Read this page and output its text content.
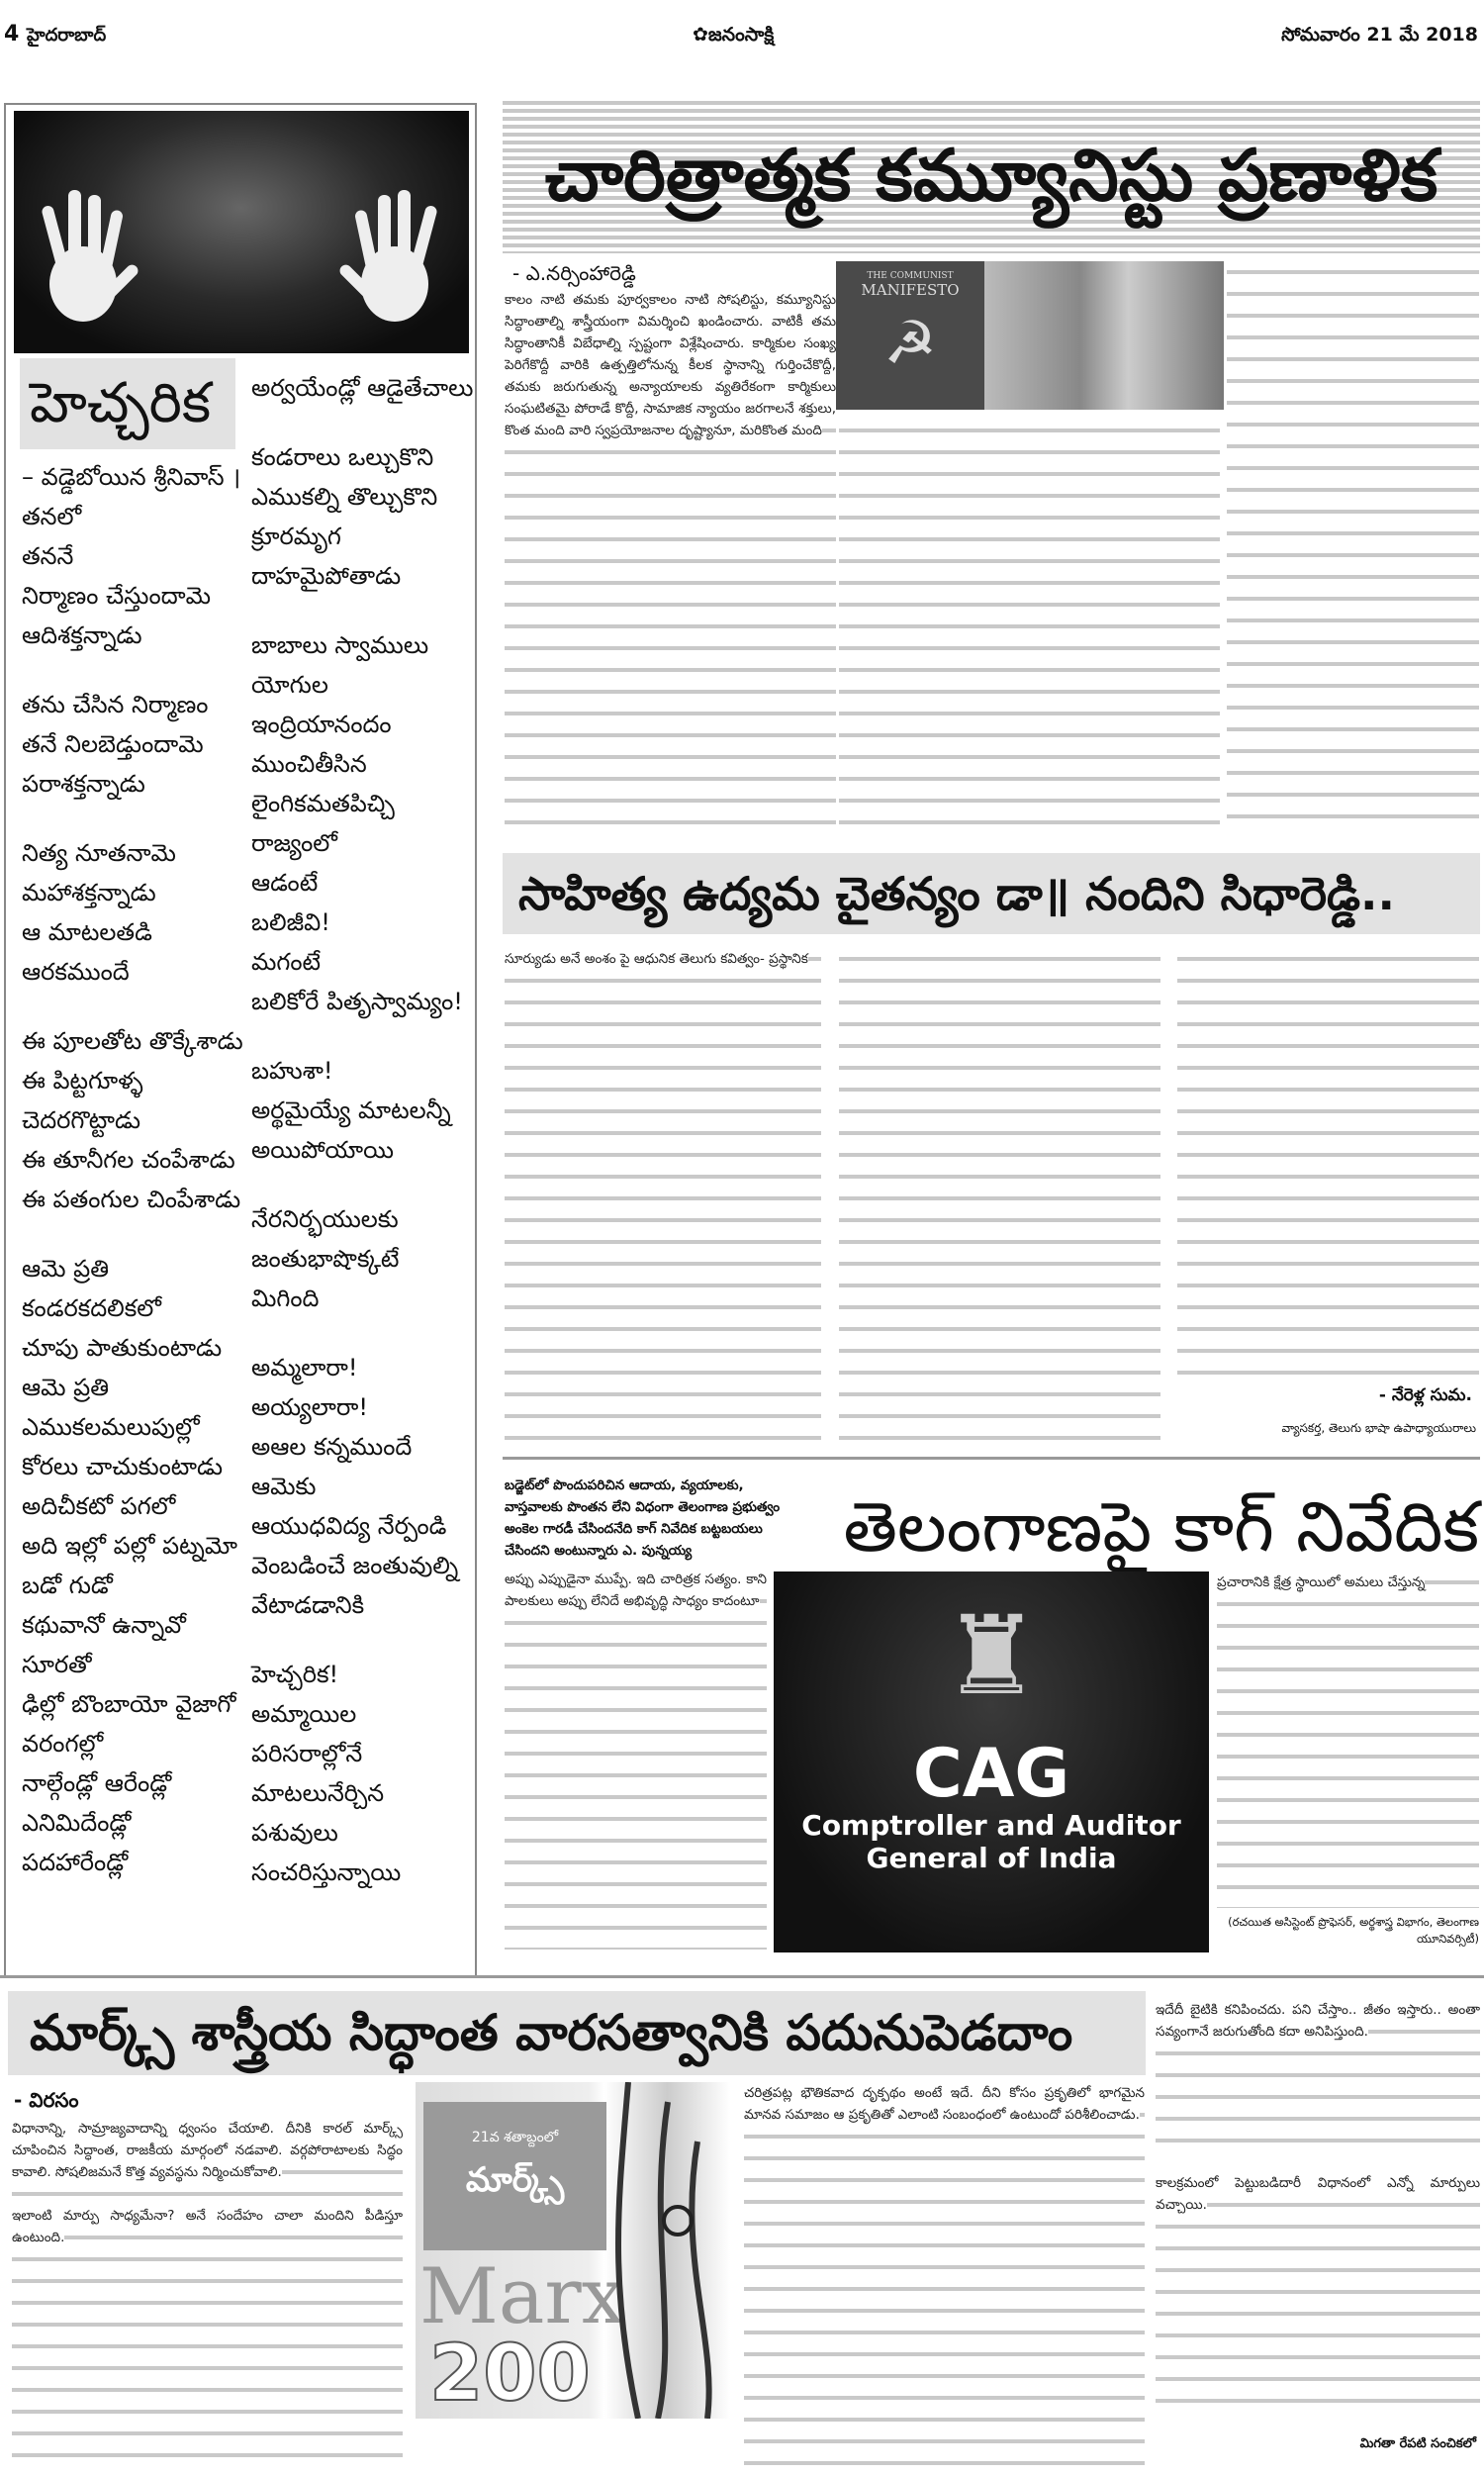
4 హైదరాబాద్	✿జనంసాక్షి	సోమవారం 21 మే 2018
హెచ్చరిక
– వడ్డెబోయిన శ్రీనివాస్ ।
తనలో
తననే
నిర్మాణం చేస్తుందామె
ఆదిశక్తన్నాడు
తను చేసిన నిర్మాణం
తనే నిలబెడ్తుందామె
పరాశక్తన్నాడు
నిత్య నూతనామె
మహాశక్తన్నాడు
ఆ మాటలతడి
ఆరకముందే
ఈ పూలతోట తొక్కేశాడు
ఈ పిట్టగూళ్ళ
చెదరగొట్టాడు
ఈ తూనీగల చంపేశాడు
ఈ పతంగుల చింపేశాడు
ఆమె ప్రతి
కండరకదలికలో
చూపు పాతుకుంటాడు
ఆమె ప్రతి
ఎముకలమలుపుల్లో
కోరలు చాచుకుంటాడు
అదిచీకటో పగలో
అది ఇల్లో పల్లో పట్నమో
బడో గుడో
కథువానో ఉన్నావో
సూరతో
ఢిల్లో బొంబాయో వైజాగో
వరంగల్లో
నాల్గేండ్లో ఆరేండ్లో
ఎనిమిదేండ్లో పదహారేండ్లో
అర్వయేండ్లో ఆడైతేచాలు
కండరాలు ఒల్చుకొని
ఎముకల్ని తొల్చుకొని
క్రూరమృగ
దాహమైపోతాడు
బాబాలు స్వాములు
యోగుల
ఇంద్రియానందం
ముంచితీసిన
లైంగికమతపిచ్చి
రాజ్యంలో
ఆడంటే
బలిజీవి!
మగంటే
బలికోరే పితృస్వామ్యం!
బహుశా!
అర్థమైయ్యే మాటలన్నీ
అయిపోయాయి
నేరనిర్భయులకు
జంతుభాషొక్కటే మిగింది
అమ్మలారా!అయ్యలారా!
అఆల కన్నముందే
ఆమెకు
ఆయుధవిద్య నేర్పండి
వెంబడించే జంతువుల్ని
వేటాడడానికి
హెచ్చరిక!
అమ్మాయిల పరిసరాల్లోనే
మాటలునేర్చిన పశువులు
సంచరిస్తున్నాయి
చారిత్రాత్మక కమ్యూనిస్టు ప్రణాళిక
- ఎ.నర్సింహారెడ్డి
కాలం నాటి తమకు పూర్వకాలం నాటి సోషలిస్టు, కమ్యూనిస్టు సిద్ధాంతాల్ని శాస్త్రీయంగా విమర్శించి ఖండించారు. వాటికీ తమ సిద్ధాంతానికీ విబేధాల్ని స్పష్టంగా విశ్లేషించారు. కార్మికుల సంఖ్య పెరిగేకొద్దీ వారికి ఉత్పత్తిలోనున్న కీలక స్థానాన్ని గుర్తించేకొద్దీ, తమకు జరుగుతున్న అన్యాయాలకు వ్యతిరేకంగా కార్మికులు సంఘటితమై పోరాడే కొద్దీ, సామాజిక న్యాయం జరగాలనే శక్తులు, కొంత మంది వారి స్వప్రయోజనాల దృష్ట్యానూ, మరికొంత మంది
THE COMMUNIST
MANIFESTO
☭
సాహిత్య ఉద్యమ చైతన్యం డా॥ నందిని సిధారెడ్డి..
సూర్యుడు అనే అంశం పై ఆధునిక తెలుగు కవిత్వం- ప్రస్థానిక
- నేరెళ్ల సుమ.
వ్యాసకర్త, తెలుగు భాషా ఉపాధ్యాయురాలు
బడ్జెట్‌లో పొందుపరిచిన ఆదాయ, వ్యయాలకు, వాస్తవాలకు పొంతన లేని విధంగా తెలంగాణ ప్రభుత్వం అంకెల గారడీ చేసిందనేది కాగ్ నివేదిక బట్టబయలు చేసిందని అంటున్నారు ఎ. పున్నయ్య	తెలంగాణపై కాగ్ నివేదిక
అప్పు ఎప్పుడైనా ముప్పే. ఇది చారిత్రక సత్యం. కాని పాలకులు అప్పు లేనిదే అభివృద్ధి సాధ్యం కాదంటూ	♜
CAG
Comptroller and Auditor
General of India
ప్రచారానికి క్షేత్ర స్థాయిలో అమలు చేస్తున్న
(రచయిత అసిస్టెంట్ ప్రొఫెసర్, అర్థశాస్త్ర విభాగం, తెలంగాణ యూనివర్సిటీ)
మార్క్స్ శాస్త్రీయ సిద్ధాంత వారసత్వానికి పదునుపెడదాం
- విరసం
విధానాన్ని, సామ్రాజ్యవాదాన్ని ధ్వంసం చేయాలి. దీనికి కారల్ మార్క్స్ చూపించిన సిద్ధాంత, రాజకీయ మార్గంలో నడవాలి. వర్గపోరాటాలకు సిద్ధం కావాలి. సోషలిజమనే కొత్త వ్యవస్థను నిర్మించుకోవాలి.

ఇలాంటి మార్పు సాధ్యమేనా? అనే సందేహం చాలా మందిని పీడిస్తూ ఉంటుంది.
21వ శతాబ్దంలో
మార్క్స్
Marx
200
చరిత్రపట్ల భౌతికవాద దృక్పథం అంటే ఇదే. దీని కోసం ప్రకృతిలో భాగమైన మానవ సమాజం ఆ ప్రకృతితో ఎలాంటి సంబంధంలో ఉంటుందో పరిశీలించాడు.
ఇదేదీ బైటికి కనిపించదు. పని చేస్తాం.. జీతం ఇస్తారు.. అంతా సవ్యంగానే జరుగుతోంది కదా అనిపిస్తుంది.
కాలక్రమంలో పెట్టుబడిదారీ విధానంలో ఎన్నో మార్పులు వచ్చాయి.
మిగతా రేపటి సంచికలో
